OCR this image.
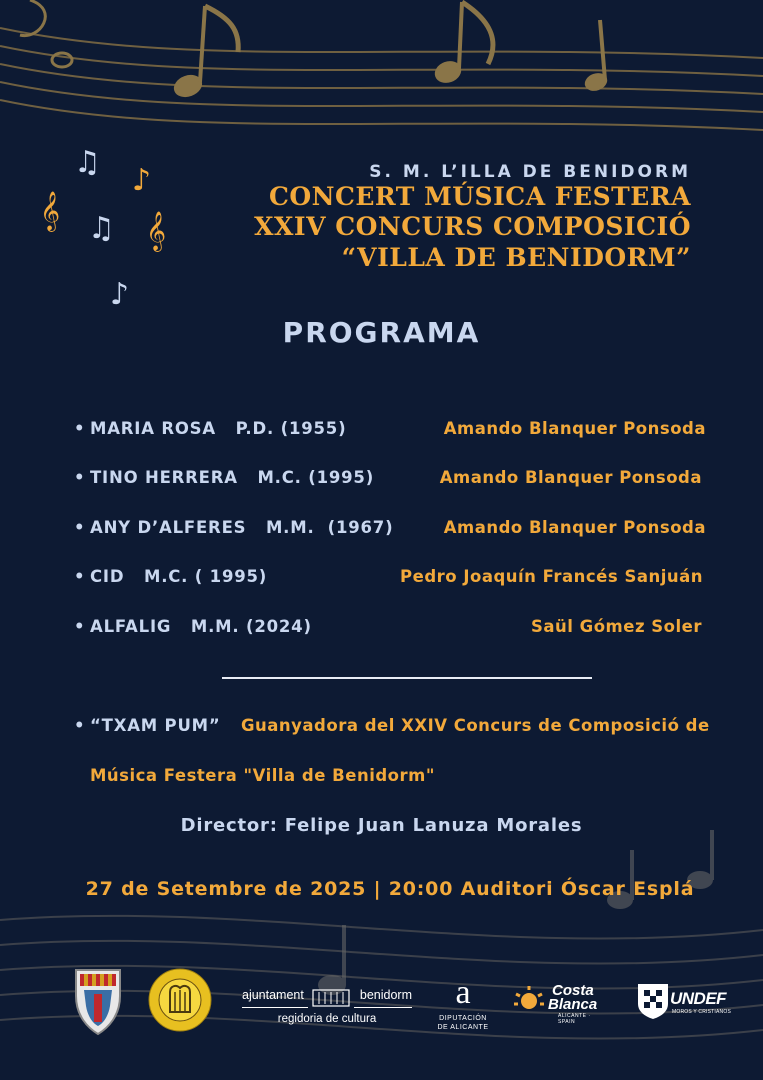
♫
♪
𝄞 ♫ 𝄞
♪
S. M. L’ILLA DE BENIDORM
CONCERT MÚSICA FESTERA
XXIV CONCURS COMPOSICIÓ
“VILLA DE BENIDORM”
PROGRAMA
• MARIA ROSA   P.D. (1955)	Amando Blanquer Ponsoda
• TINO HERRERA   M.C. (1995)	Amando Blanquer Ponsoda
• ANY D’ALFERES   M.M.  (1967)	Amando Blanquer Ponsoda
• CID   M.C. ( 1995)	Pedro Joaquín Francés Sanjuán
• ALFALIG   M.M. (2024)	Saül Gómez Soler
• “TXAM PUM” Guanyadora del XXIV Concurs de Composició de
Música Festera "Villa de Benidorm"
Director: Felipe Juan Lanuza Morales
27 de Setembre de 2025 | 20:00 Auditori Óscar Esplá
ajuntament	benidorm
regidoria de cultura
a
DIPUTACIÓN
DE ALICANTE
Costa
Blanca
ALICANTE · SPAIN
UNDEF
MOROS Y CRISTIANOS
